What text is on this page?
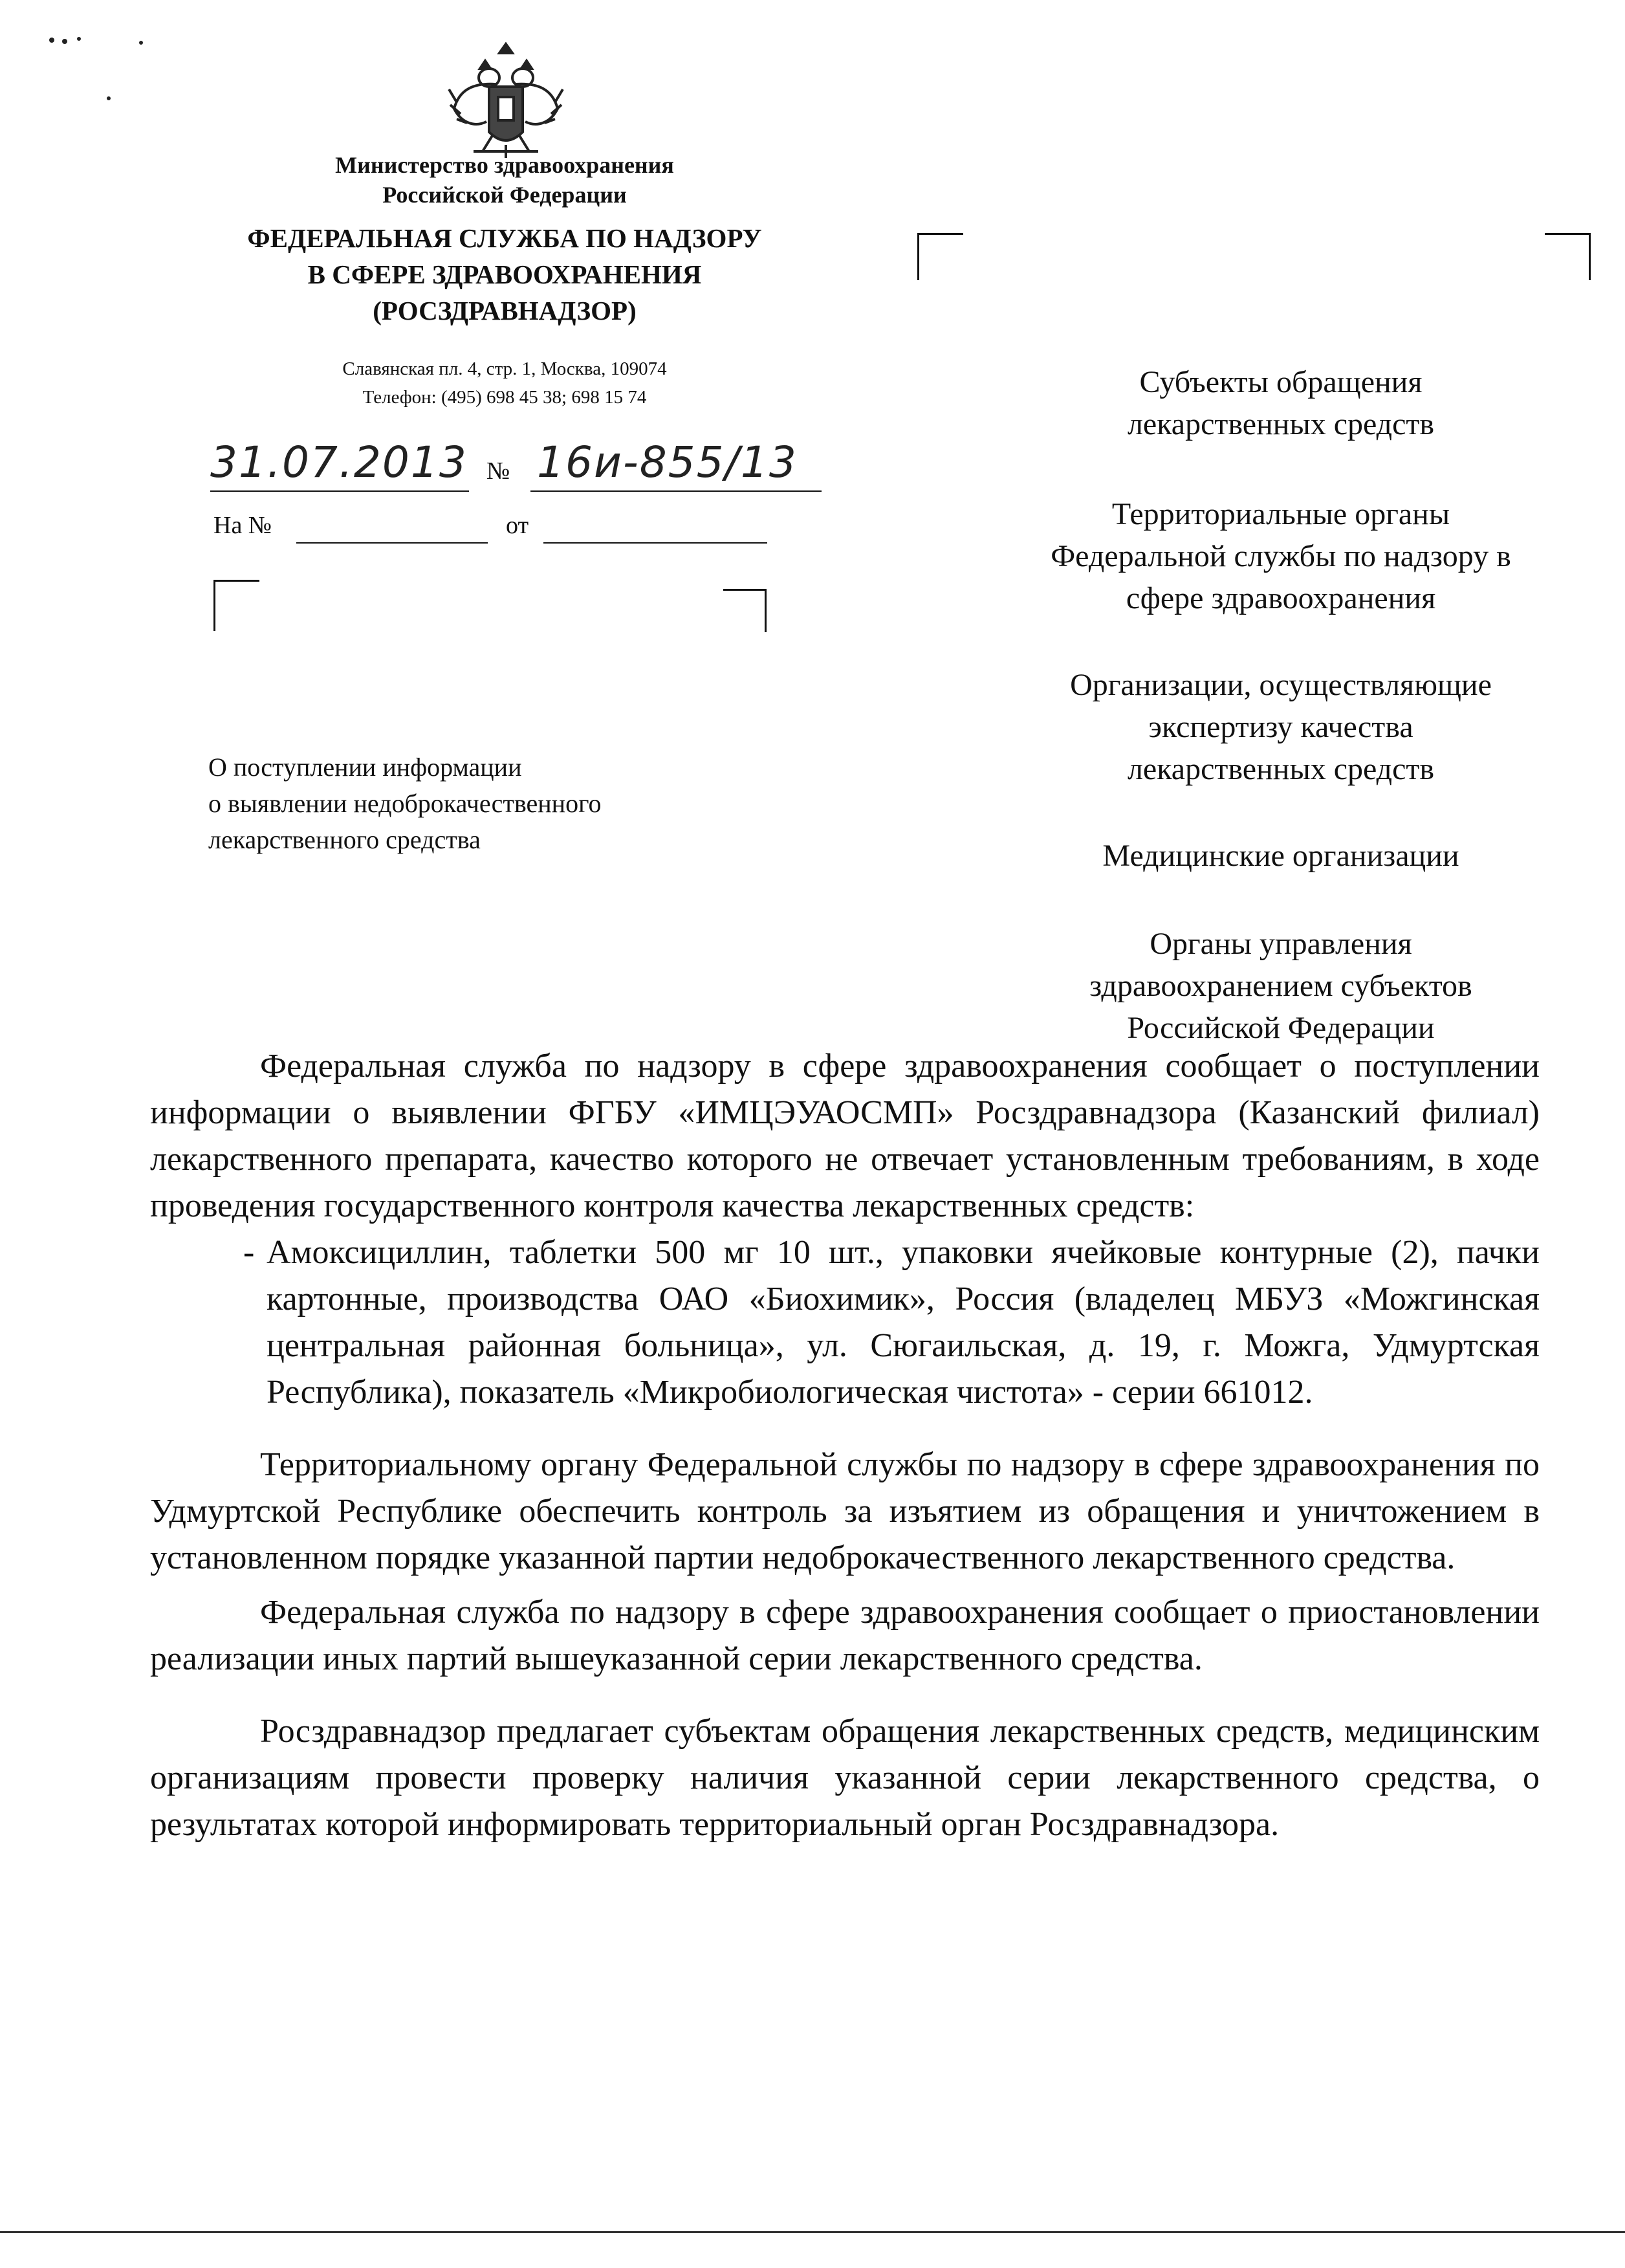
Министерство здравоохранения
Российской Федерации
ФЕДЕРАЛЬНАЯ СЛУЖБА ПО НАДЗОРУ
В СФЕРЕ ЗДРАВООХРАНЕНИЯ
(РОСЗДРАВНАДЗОР)
Славянская пл. 4, стр. 1, Москва, 109074
Телефон: (495) 698 45 38; 698 15 74
31.07.2013 № 16и-855/13
На №	от
О поступлении информации
о выявлении недоброкачественного
лекарственного средства
Субъекты обращения
лекарственных средств
Территориальные органы
Федеральной службы по надзору в
сфере здравоохранения
Организации, осуществляющие
экспертизу качества
лекарственных средств
Медицинские организации
Органы управления
здравоохранением субъектов
Российской Федерации

Федеральная служба по надзору в сфере здравоохранения сообщает о поступлении информации о выявлении ФГБУ «ИМЦЭУАОСМП» Росздравнадзора (Казанский филиал) лекарственного препарата, качество которого не отвечает установленным требованиям, в ходе проведения государственного контроля качества лекарственных средств:

- Амоксициллин, таблетки 500 мг 10 шт., упаковки ячейковые контурные (2), пачки картонные, производства ОАО «Биохимик», Россия (владелец МБУЗ «Можгинская центральная районная больница», ул. Сюгаильская, д. 19, г. Можга, Удмуртская Республика), показатель «Микробиологическая чистота» - серии 661012.

Территориальному органу Федеральной службы по надзору в сфере здравоохранения по Удмуртской Республике обеспечить контроль за изъятием из обращения и уничтожением в установленном порядке указанной партии недоброкачественного лекарственного средства.

Федеральная служба по надзору в сфере здравоохранения сообщает о приостановлении реализации иных партий вышеуказанной серии лекарственного средства.

Росздравнадзор предлагает субъектам обращения лекарственных средств, медицинским организациям провести проверку наличия указанной серии лекарственного средства, о результатах которой информировать территориальный орган Росздравнадзора.
